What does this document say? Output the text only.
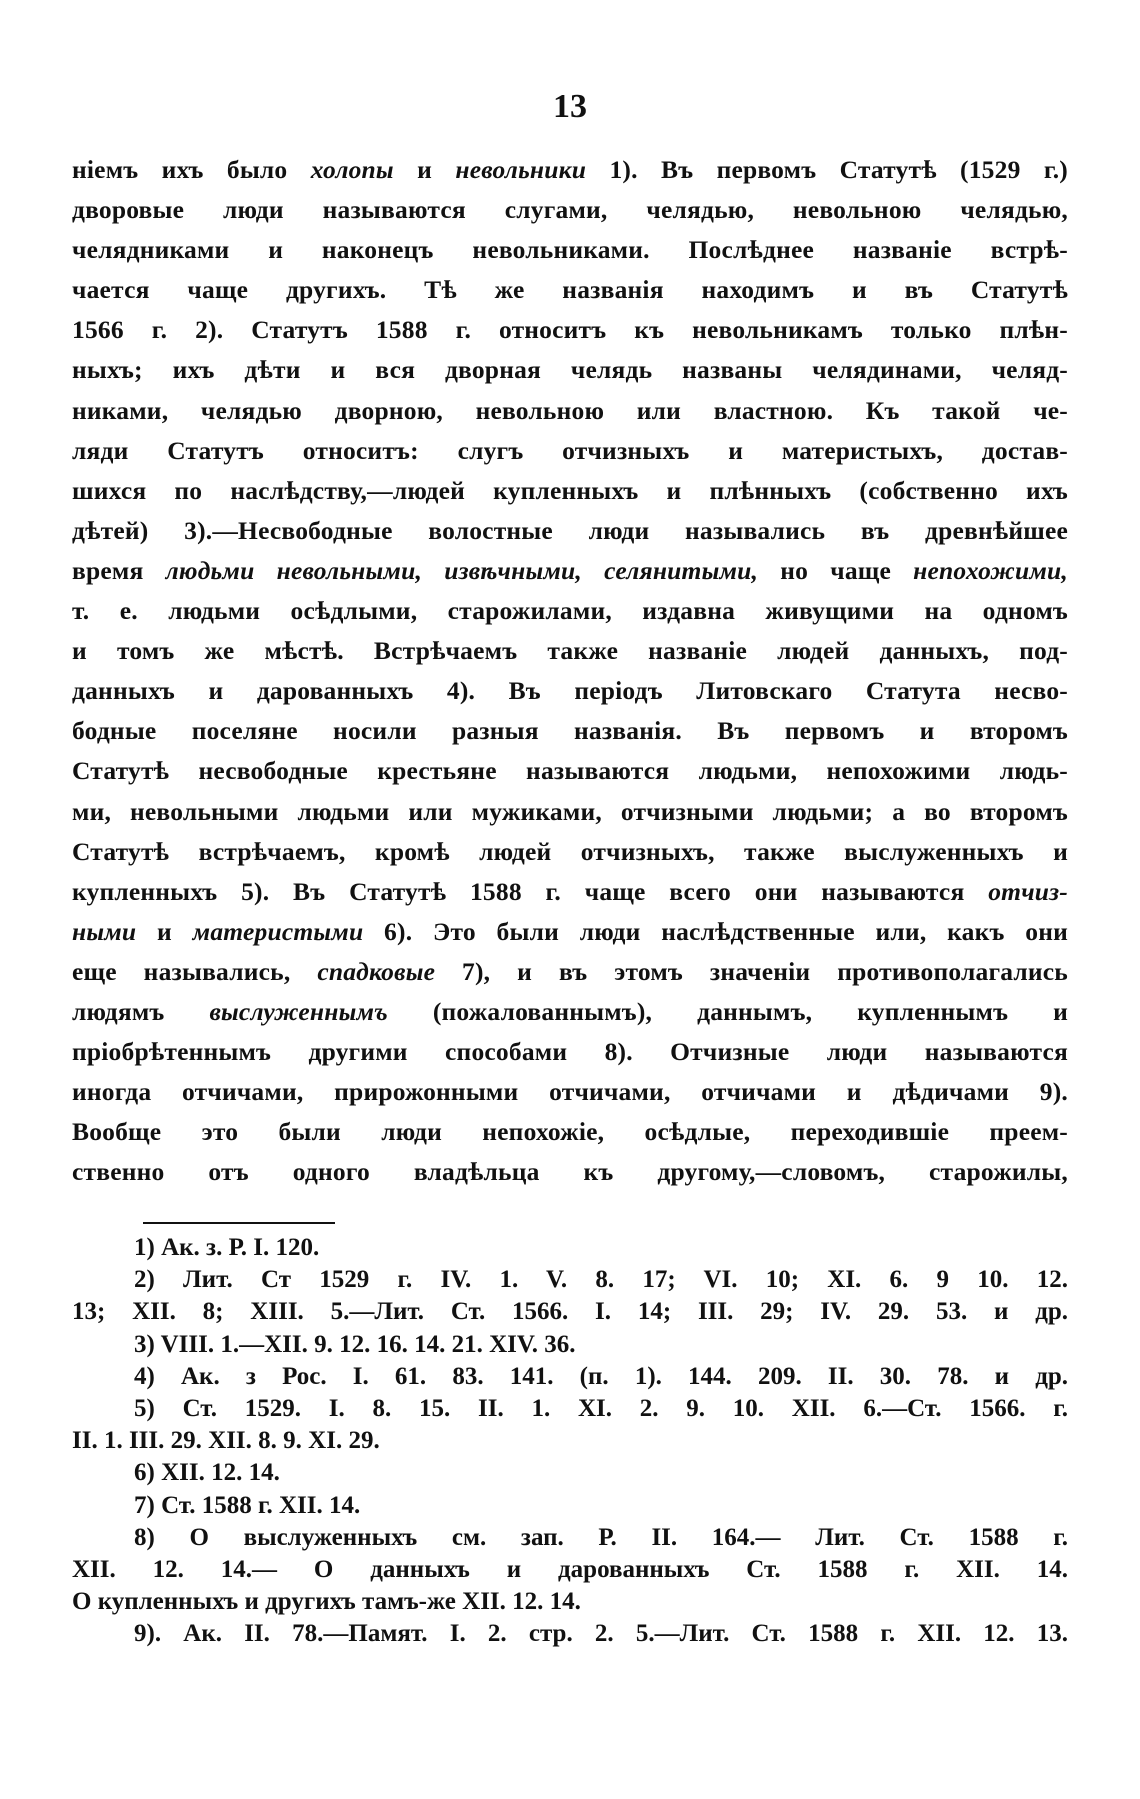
13
ніемъ ихъ было холопы и невольники 1). Въ первомъ Статутѣ (1529 г.)
дворовые люди называются слугами, челядью, невольною челядью,
челядниками и наконецъ невольниками. Послѣднее названіе встрѣ-
чается чаще другихъ. Тѣ же названія находимъ и въ Статутѣ
1566 г. 2). Статутъ 1588 г. относитъ къ невольникамъ только плѣн-
ныхъ; ихъ дѣти и вся дворная челядь названы челядинами, челяд-
никами, челядью дворною, невольною или властною. Къ такой че-
ляди Статутъ относитъ: слугъ отчизныхъ и материстыхъ, достав-
шихся по наслѣдству,—людей купленныхъ и плѣнныхъ (собственно ихъ
дѣтей) 3).—Несвободные волостные люди назывались въ древнѣйшее
время людьми невольными, извѣчными, селянитыми, но чаще непохожими,
т. е. людьми осѣдлыми, старожилами, издавна живущими на одномъ
и томъ же мѣстѣ. Встрѣчаемъ также названіе людей данныхъ, под-
данныхъ и дарованныхъ 4). Въ періодъ Литовскаго Статута несво-
бодные поселяне носили разныя названія. Въ первомъ и второмъ
Статутѣ несвободные крестьяне называются людьми, непохожими людь-
ми, невольными людьми или мужиками, отчизными людьми; а во второмъ
Статутѣ встрѣчаемъ, кромѣ людей отчизныхъ, также выслуженныхъ и
купленныхъ 5). Въ Статутѣ 1588 г. чаще всего они называются отчиз-
ными и материстыми 6). Это были люди наслѣдственные или, какъ они
еще назывались, спадковые 7), и въ этомъ значеніи противополагались
людямъ выслуженнымъ (пожалованнымъ), даннымъ, купленнымъ и
пріобрѣтеннымъ другими способами 8). Отчизные люди называются
иногда отчичами, прирожонными отчичами, отчичами и дѣдичами 9).
Вообще это были люди непохожіе, осѣдлые, переходившіе преем-
ственно отъ одного владѣльца къ другому,—словомъ, старожилы,
1) Ак. з. Р. I. 120.
2) Лит. Ст 1529 г. IV. 1. V. 8. 17; VI. 10; XI. 6. 9 10. 12.
13; XII. 8; XIII. 5.—Лит. Ст. 1566. I. 14; III. 29; IV. 29. 53. и др.
3) VIII. 1.—XII. 9. 12. 16. 14. 21. XIV. 36.
4) Ак. з Рос. I. 61. 83. 141. (п. 1). 144. 209. II. 30. 78. и др.
5) Ст. 1529. I. 8. 15. II. 1. XI. 2. 9. 10. XII. 6.—Ст. 1566. г.
II. 1. III. 29. XII. 8. 9. XI. 29.
6) XII. 12. 14.
7) Ст. 1588 г. XII. 14.
8) О выслуженныхъ см. зап. Р. II. 164.— Лит. Ст. 1588 г.
XII. 12. 14.— О данныхъ и дарованныхъ Ст. 1588 г. XII. 14.
О купленныхъ и другихъ тамъ-же XII. 12. 14.
9). Ак. II. 78.—Памят. I. 2. стр. 2. 5.—Лит. Ст. 1588 г. XII. 12. 13.
